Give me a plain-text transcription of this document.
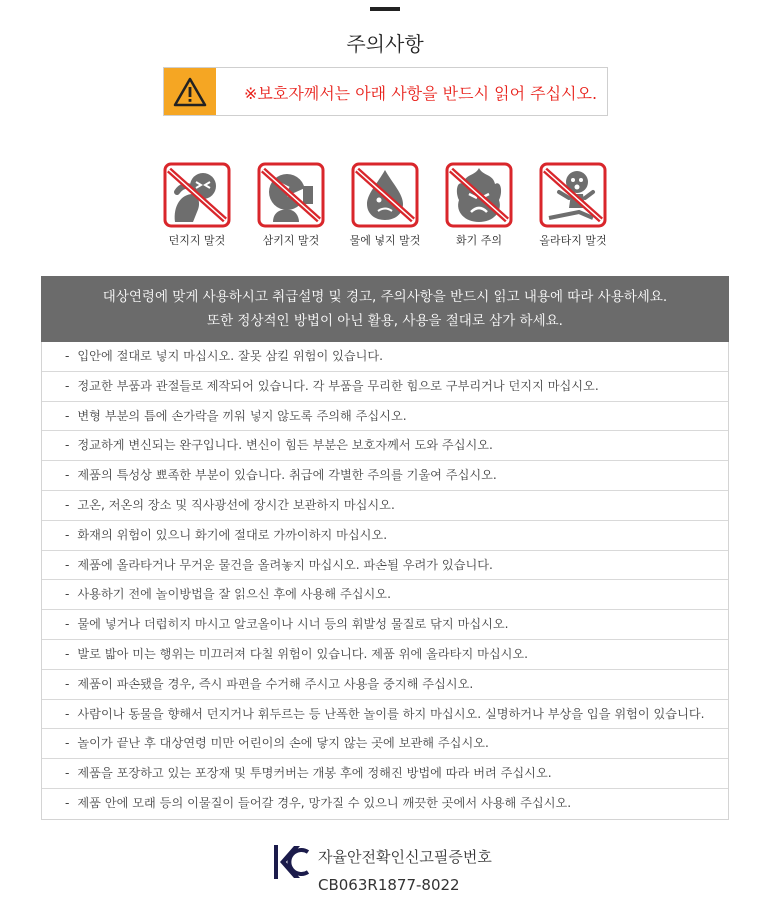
주의사항
※보호자께서는 아래 사항을 반드시 읽어 주십시오.
던지지 말것	삼키지 말것	물에 넣지 말것	화기 주의	올라타지 말것
대상연령에 맞게 사용하시고 취급설명 및 경고, 주의사항을 반드시 읽고 내용에 따라 사용하세요.
또한 정상적인 방법이 아닌 활용, 사용을 절대로 삼가 하세요.
- 입안에 절대로 넣지 마십시오. 잘못 삼킬 위험이 있습니다.
- 정교한 부품과 관절들로 제작되어 있습니다. 각 부품을 무리한 힘으로 구부리거나 던지지 마십시오.
- 변형 부분의 틈에 손가락을 끼워 넣지 않도록 주의해 주십시오.
- 정교하게 변신되는 완구입니다. 변신이 힘든 부분은 보호자께서 도와 주십시오.
- 제품의 특성상 뾰족한 부분이 있습니다. 취급에 각별한 주의를 기울여 주십시오.
- 고온, 저온의 장소 및 직사광선에 장시간 보관하지 마십시오.
- 화재의 위험이 있으니 화기에 절대로 가까이하지 마십시오.
- 제품에 올라타거나 무거운 물건을 올려놓지 마십시오. 파손될 우려가 있습니다.
- 사용하기 전에 놀이방법을 잘 읽으신 후에 사용해 주십시오.
- 물에 넣거나 더럽히지 마시고 알코올이나 시너 등의 휘발성 물질로 닦지 마십시오.
- 발로 밟아 미는 행위는 미끄러져 다칠 위험이 있습니다. 제품 위에 올라타지 마십시오.
- 제품이 파손됐을 경우, 즉시 파편을 수거해 주시고 사용을 중지해 주십시오.
- 사람이나 동물을 향해서 던지거나 휘두르는 등 난폭한 놀이를 하지 마십시오. 실명하거나 부상을 입을 위험이 있습니다.
- 놀이가 끝난 후 대상연령 미만 어린이의 손에 닿지 않는 곳에 보관해 주십시오.
- 제품을 포장하고 있는 포장재 및 투명커버는 개봉 후에 정해진 방법에 따라 버려 주십시오.
- 제품 안에 모래 등의 이물질이 들어갈 경우, 망가질 수 있으니 깨끗한 곳에서 사용해 주십시오.
자율안전확인신고필증번호
CB063R1877-8022
